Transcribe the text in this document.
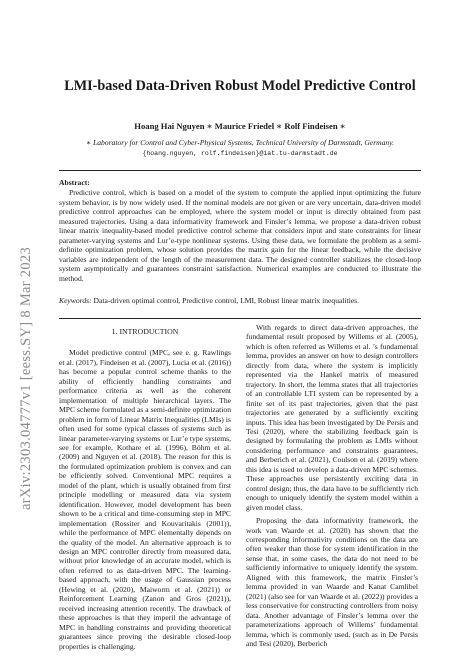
arXiv:2303.04777v1 [eess.SY] 8 Mar 2023
LMI-based Data-Driven Robust Model Predictive Control
Hoang Hai Nguyen ∗ Maurice Friedel ∗ Rolf Findeisen ∗
∗ Laboratory for Control and Cyber-Physical Systems, Technical University of Darmstadt, Germany.
{hoang.nguyen, rolf.findeisen}@iat.tu-darmstadt.de
Abstract:

Predictive control, which is based on a model of the system to compute the applied input optimizing the future system behavior, is by now widely used. If the nominal models are not given or are very uncertain, data-driven model predictive control approaches can be employed, where the system model or input is directly obtained from past measured trajectories. Using a data informativity framework and Finsler’s lemma, we propose a data-driven robust linear matrix inequality-based model predictive control scheme that considers input and state constraints for linear parameter-varying systems and Lur’e-type nonlinear systems. Using these data, we formulate the problem as a semi-definite optimization problem, whose solution provides the matrix gain for the linear feedback, while the decisive variables are independent of the length of the measurement data. The designed controller stabilizes the closed-loop system asymptotically and guarantees constraint satisfaction. Numerical examples are conducted to illustrate the method.

Keywords: Data-driven optimal control, Predictive control, LMI, Robust linear matrix inequalities.
1. INTRODUCTION

Model predictive control (MPC, see e. g. Rawlings et al. (2017), Findeisen et al. (2007), Lucia et al. (2016)) has become a popular control scheme thanks to the ability of efficiently handling constraints and performance criteria as well as the coherent implementation of multiple hierarchical layers. The MPC scheme formulated as a semi-definite optimization problem in form of Linear Matrix Inequalities (LMIs) is often used for some typical classes of systems such as linear parameter-varying systems or Lur’e type systems, see for example, Kothare et al. (1996), Böhm et al. (2009) and Nguyen et al. (2018). The reason for this is the formulated optimization problem is convex and can be efficiently solved. Conventional MPC requires a model of the plant, which is usually obtained from first principle modelling or measured data via system identification. However, model development has been shown to be a critical and time-consuming step in MPC implementation (Rossiter and Kouvaritakis (2001)), while the performance of MPC elementally depends on the quality of the model. An alternative approach is to design an MPC controller directly from measured data, without prior knowledge of an accurate model, which is often referred to as data-driven MPC. The learning-based approach, with the usage of Gaussian process (Hewing et al. (2020), Maiworm et al. (2021)) or Reinforcement Learning (Zanon and Gros (2021)), received increasing attention recently. The drawback of these approaches is that they imperil the advantage of MPC in handling constraints and providing theoretical guarantees since proving the desirable closed-loop properties is challenging.

With regards to direct data-driven approaches, the fundamental result proposed by Willems et al. (2005), which is often referred as Willems et al. ’s fundamental lemma, provides an answer on how to design controllers directly from data, where the system is implicitly represented via the Hankel matrix of measured trajectory. In short, the lemma states that all trajectories of an controllable LTI system can be represented by a finite set of its past trajectories, given that the past trajectories are generated by a sufficiently exciting inputs. This idea has been investigated by De Persis and Tesi (2020), where the stabilizing feedback gain is designed by formulating the problem as LMIs without considering performance and constraints guarantees, and Berberich et al. (2021), Coulson et al. (2019) where this idea is used to develop a data-driven MPC schemes. These approaches use persistently exciting data in control design; thus, the data have to be sufficiently rich enough to uniquely identify the system model within a given model class.

Proposing the data informativity framework, the work van Waarde et al. (2020) has shown that the corresponding informativity conditions on the data are often weaker than those for system identification in the sense that, in some cases, the data do not need to be sufficiently informative to uniquely identify the system. Aligned with this framework, the matrix Finsler’s lemma provided in van Waarde and Kanat Camlibel (2021) (also see for van Waarde et al. (2022)) provides a less conservative for constructing controllers from noisy data. Another advantage of Finsler’s lemma over the parameterizations approach of Willems’ fundamental lemma, which is commonly used, (such as in De Persis and Tesi (2020), Berberich
